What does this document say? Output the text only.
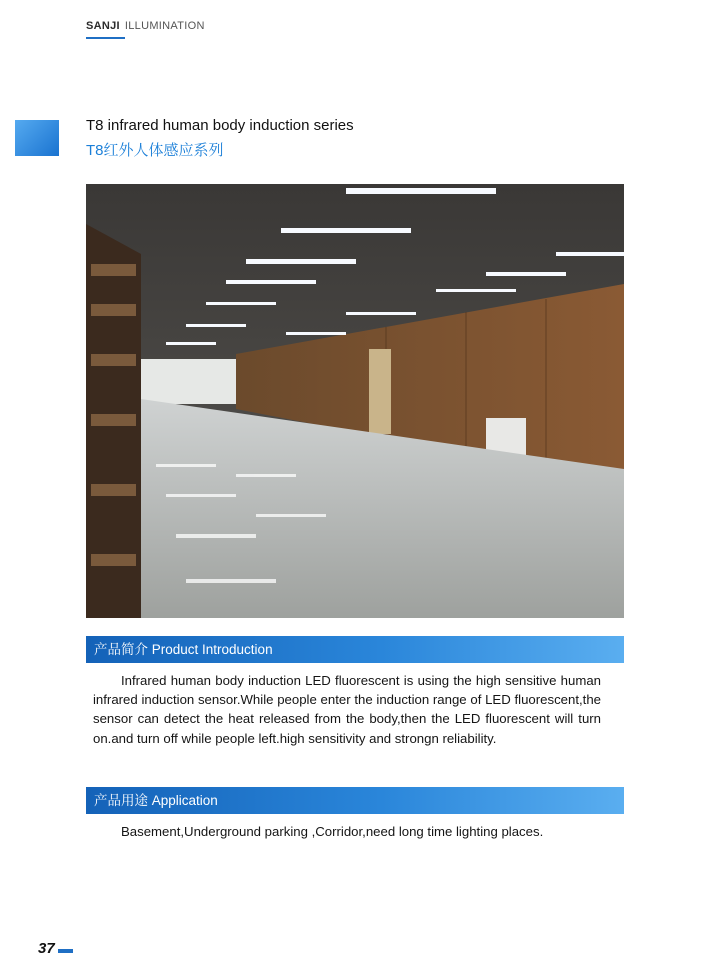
SANJI ILLUMINATION
T8 infrared human body induction series
T8红外人体感应系列
产品简介 Product Introduction
Infrared human body induction LED fluorescent is using the high sensitive human infrared induction sensor.While people enter the induction range of LED fluorescent,the sensor can detect the heat released from the body,then the LED fluorescent will turn on.and turn off while people left.high sensitivity and strongn reliability.
产品用途 Application
Basement,Underground parking ,Corridor,need long time lighting places.
37
